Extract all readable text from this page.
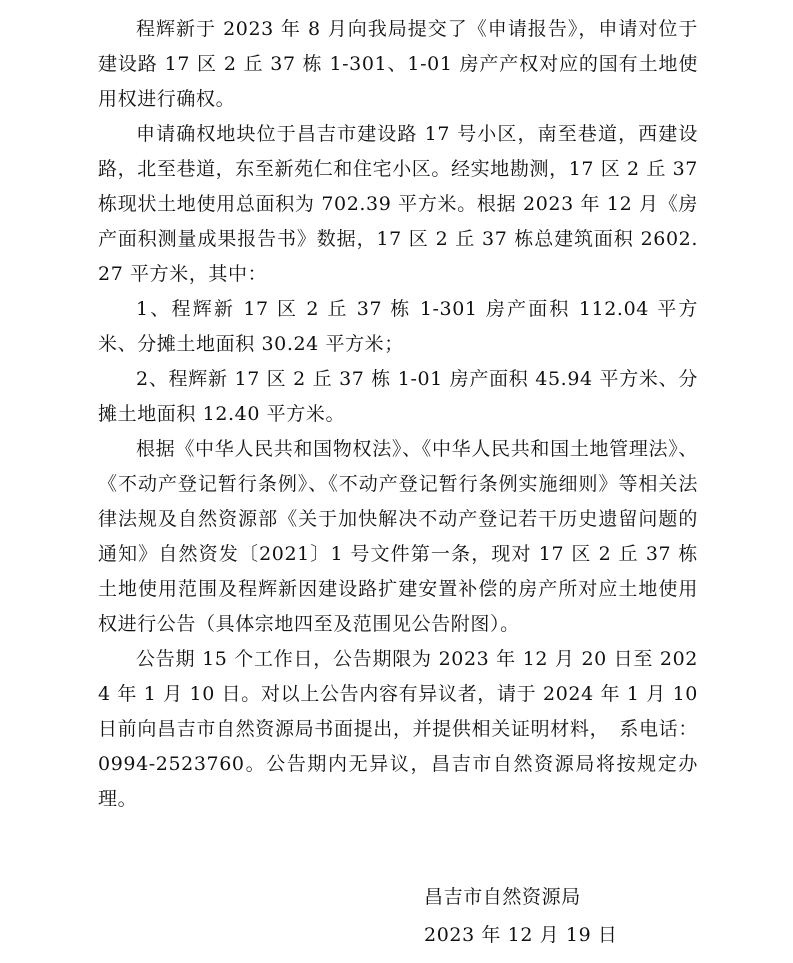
程辉新于 2023 年 8 月向我局提交了《申请报告》，申请对位于建设路 17 区 2 丘 37 栋 1-301、1-01 房产产权对应的国有土地使用权进行确权。

申请确权地块位于昌吉市建设路 17 号小区，南至巷道，西建设路，北至巷道，东至新苑仁和住宅小区。经实地勘测，17 区 2 丘 37 栋现状土地使用总面积为 702.39 平方米。根据 2023 年 12 月《房产面积测量成果报告书》数据，17 区 2 丘 37 栋总建筑面积 2602.27 平方米，其中：

1、程辉新 17 区 2 丘 37 栋 1-301 房产面积 112.04 平方米、分摊土地面积 30.24 平方米；

2、程辉新 17 区 2 丘 37 栋 1-01 房产面积 45.94 平方米、分摊土地面积 12.40 平方米。

根据《中华人民共和国物权法》、《中华人民共和国土地管理法》、《不动产登记暂行条例》、《不动产登记暂行条例实施细则》等相关法律法规及自然资源部《关于加快解决不动产登记若干历史遗留问题的通知》自然资发〔2021〕1 号文件第一条，现对 17 区 2 丘 37 栋土地使用范围及程辉新因建设路扩建安置补偿的房产所对应土地使用权进行公告（具体宗地四至及范围见公告附图）。

公告期 15 个工作日，公告期限为 2023 年 12 月 20 日至 2024 年 1 月 10 日。对以上公告内容有异议者，请于 2024 年 1 月 10 日前向昌吉市自然资源局书面提出，并提供相关证明材料，　系电话：0994-2523760。公告期内无异议，昌吉市自然资源局将按规定办理。

昌吉市自然资源局

2023 年 12 月 19 日
